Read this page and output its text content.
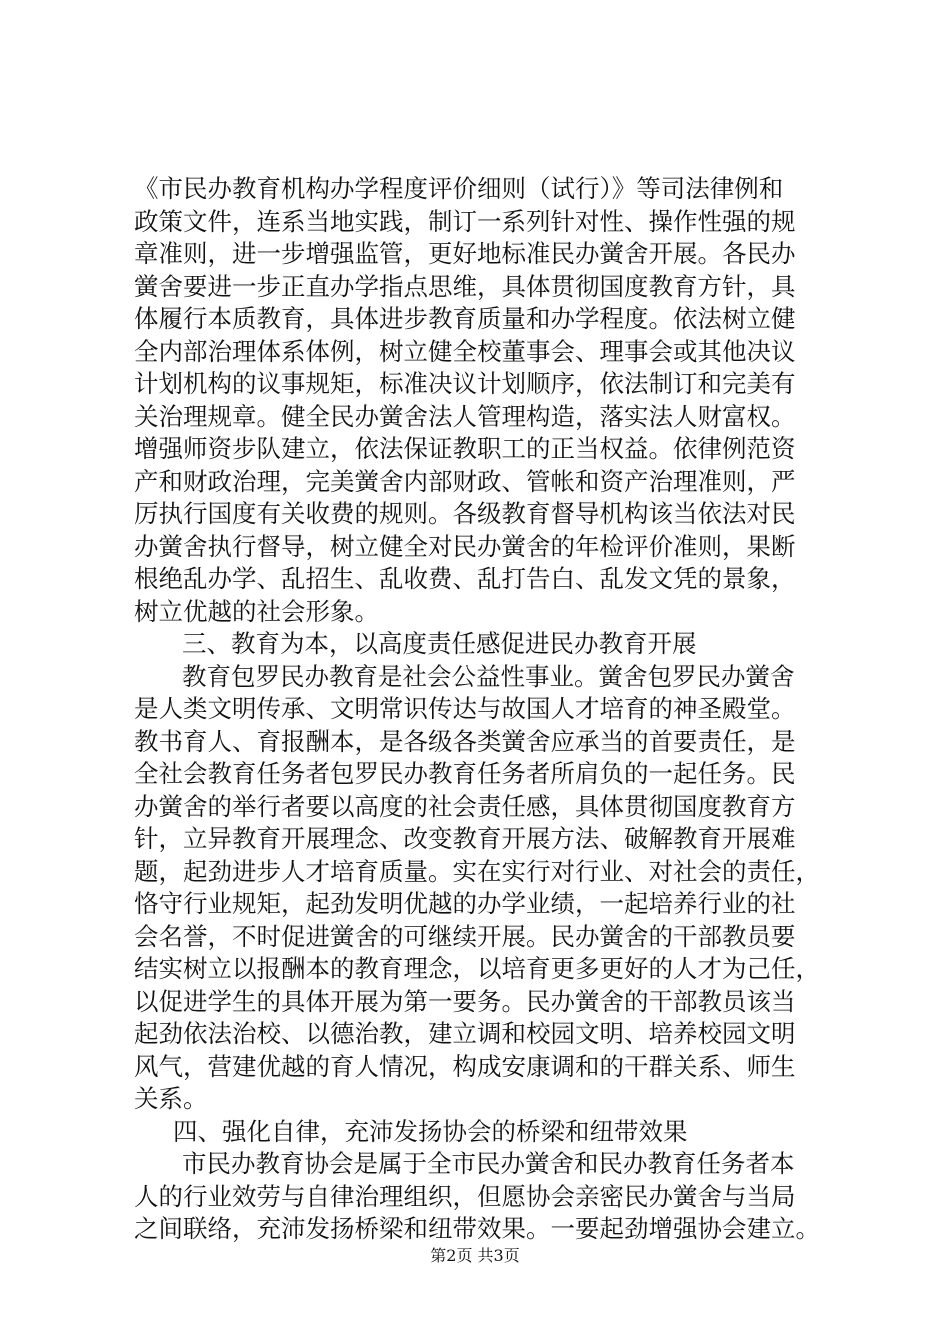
《市民办教育机构办学程度评价细则（试行）》等司法律例和
政策文件，连系当地实践，制订一系列针对性、操作性强的规
章准则，进一步增强监管，更好地标准民办黉舍开展。各民办
黉舍要进一步正直办学指点思维，具体贯彻国度教育方针，具
体履行本质教育，具体进步教育质量和办学程度。依法树立健
全内部治理体系体例，树立健全校董事会、理事会或其他决议
计划机构的议事规矩，标准决议计划顺序，依法制订和完美有
关治理规章。健全民办黉舍法人管理构造，落实法人财富权。
增强师资步队建立，依法保证教职工的正当权益。依律例范资
产和财政治理，完美黉舍内部财政、管帐和资产治理准则，严
厉执行国度有关收费的规则。各级教育督导机构该当依法对民
办黉舍执行督导，树立健全对民办黉舍的年检评价准则，果断
根绝乱办学、乱招生、乱收费、乱打告白、乱发文凭的景象，
树立优越的社会形象。
三、教育为本，以高度责任感促进民办教育开展
教育包罗民办教育是社会公益性事业。黉舍包罗民办黉舍
是人类文明传承、文明常识传达与故国人才培育的神圣殿堂。
教书育人、育报酬本，是各级各类黉舍应承当的首要责任，是
全社会教育任务者包罗民办教育任务者所肩负的一起任务。民
办黉舍的举行者要以高度的社会责任感，具体贯彻国度教育方
针，立异教育开展理念、改变教育开展方法、破解教育开展难
题，起劲进步人才培育质量。实在实行对行业、对社会的责任，
恪守行业规矩，起劲发明优越的办学业绩，一起培养行业的社
会名誉，不时促进黉舍的可继续开展。民办黉舍的干部教员要
结实树立以报酬本的教育理念，以培育更多更好的人才为己任，
以促进学生的具体开展为第一要务。民办黉舍的干部教员该当
起劲依法治校、以德治教，建立调和校园文明、培养校园文明
风气，营建优越的育人情况，构成安康调和的干群关系、师生
关系。
四、强化自律，充沛发扬协会的桥梁和纽带效果
市民办教育协会是属于全市民办黉舍和民办教育任务者本
人的行业效劳与自律治理组织，但愿协会亲密民办黉舍与当局
之间联络，充沛发扬桥梁和纽带效果。一要起劲增强协会建立。
第2页 共3页
